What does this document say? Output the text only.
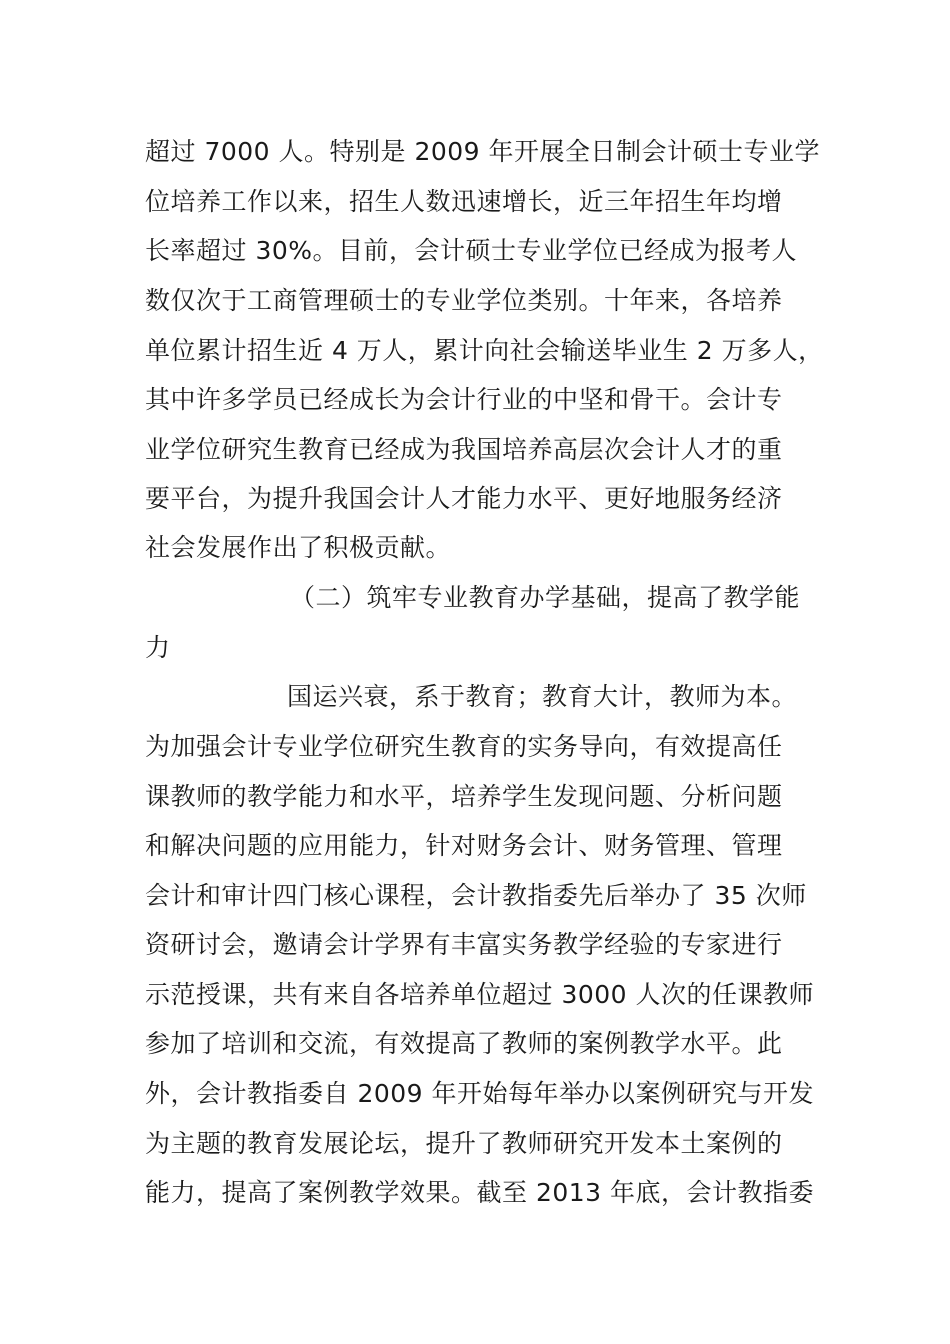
超过 7000 人。特别是 2009 年开展全日制会计硕士专业学
位培养工作以来，招生人数迅速增长，近三年招生年均增
长率超过 30%。目前，会计硕士专业学位已经成为报考人
数仅次于工商管理硕士的专业学位类别。十年来，各培养
单位累计招生近 4 万人，累计向社会输送毕业生 2 万多人，
其中许多学员已经成长为会计行业的中坚和骨干。会计专
业学位研究生教育已经成为我国培养高层次会计人才的重
要平台，为提升我国会计人才能力水平、更好地服务经济
社会发展作出了积极贡献。
（二）筑牢专业教育办学基础，提高了教学能
力
国运兴衰，系于教育；教育大计，教师为本。
为加强会计专业学位研究生教育的实务导向，有效提高任
课教师的教学能力和水平，培养学生发现问题、分析问题
和解决问题的应用能力，针对财务会计、财务管理、管理
会计和审计四门核心课程，会计教指委先后举办了 35 次师
资研讨会，邀请会计学界有丰富实务教学经验的专家进行
示范授课，共有来自各培养单位超过 3000 人次的任课教师
参加了培训和交流，有效提高了教师的案例教学水平。此
外，会计教指委自 2009 年开始每年举办以案例研究与开发
为主题的教育发展论坛，提升了教师研究开发本土案例的
能力，提高了案例教学效果。截至 2013 年底，会计教指委
